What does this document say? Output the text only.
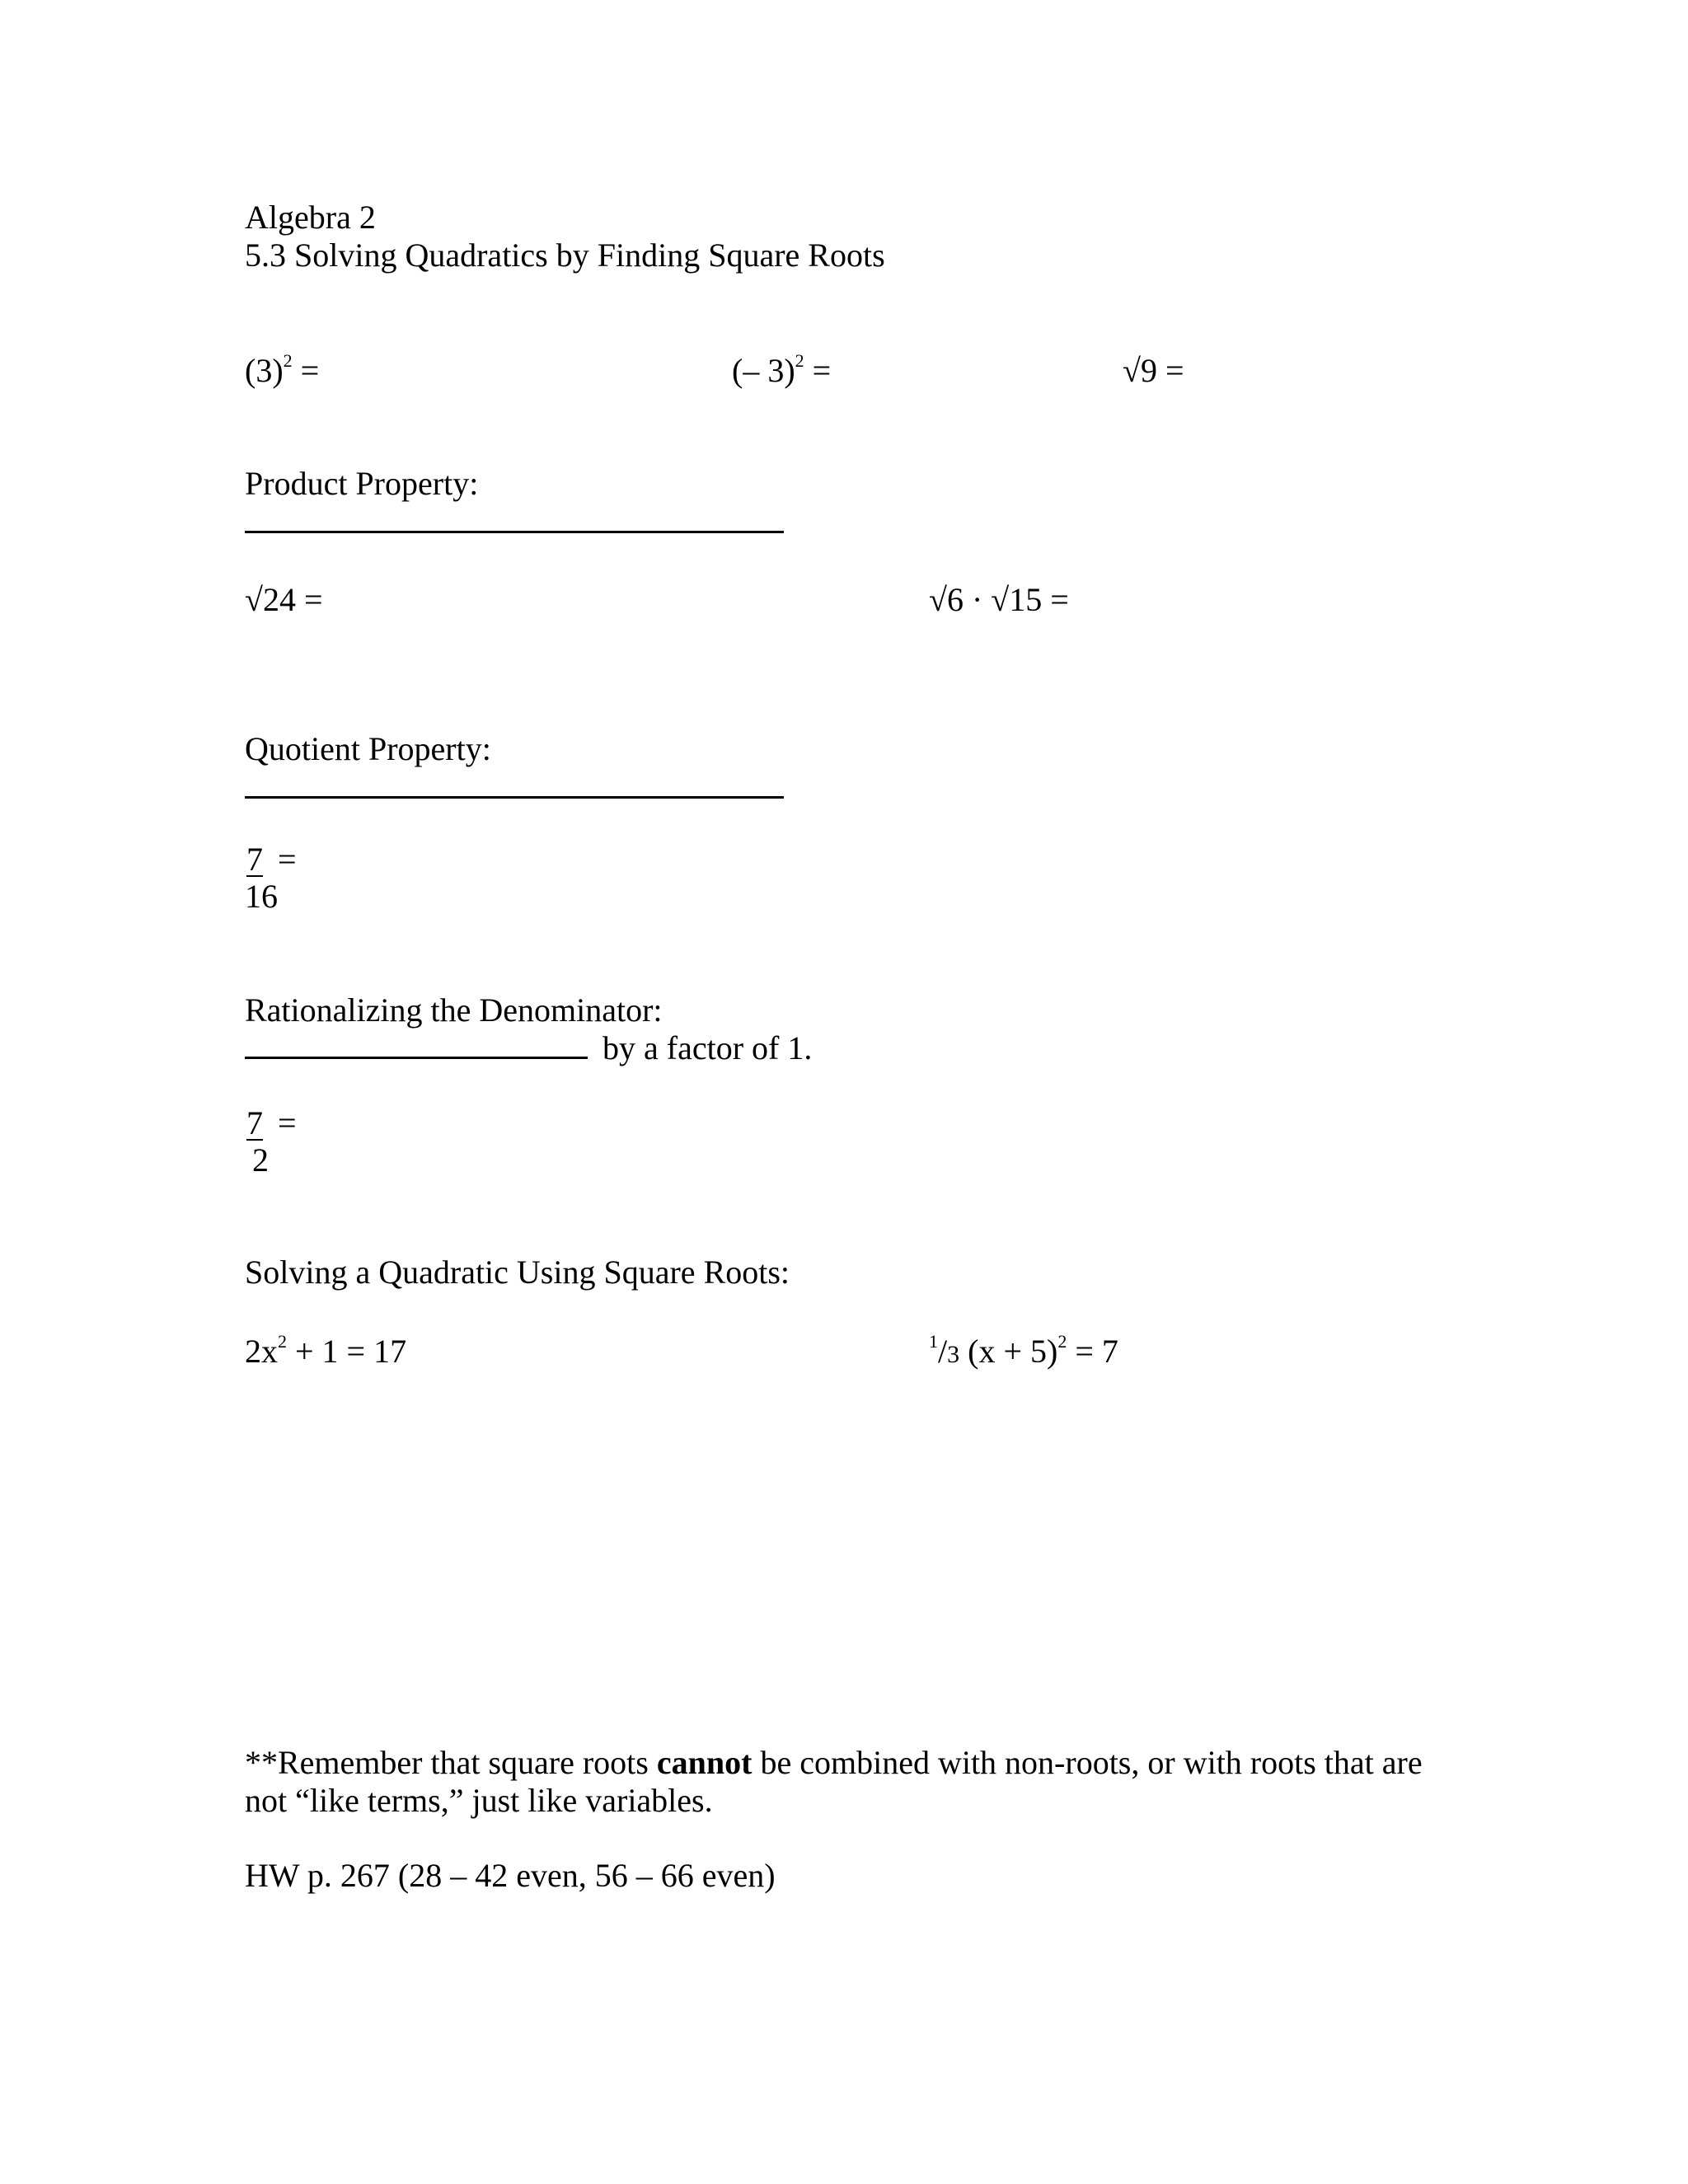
Algebra 2
5.3 Solving Quadratics by Finding Square Roots
$(3)^2$ =	(– 3)$^2$ =	√9 =
Product Property:
√24 =	√6 · √15 =
Quotient Property:
7 =
16
Rationalizing the Denominator:
by a factor of 1.
7 =
2
Solving a Quadratic Using Square Roots:
$2x^2 + 1 = 17$	$^1$/3 $(x + 5)^2 = 7$
**Remember that square roots cannot be combined with non-roots, or with roots that are
not “like terms,” just like variables.
HW p. 267 (28 – 42 even, 56 – 66 even)
